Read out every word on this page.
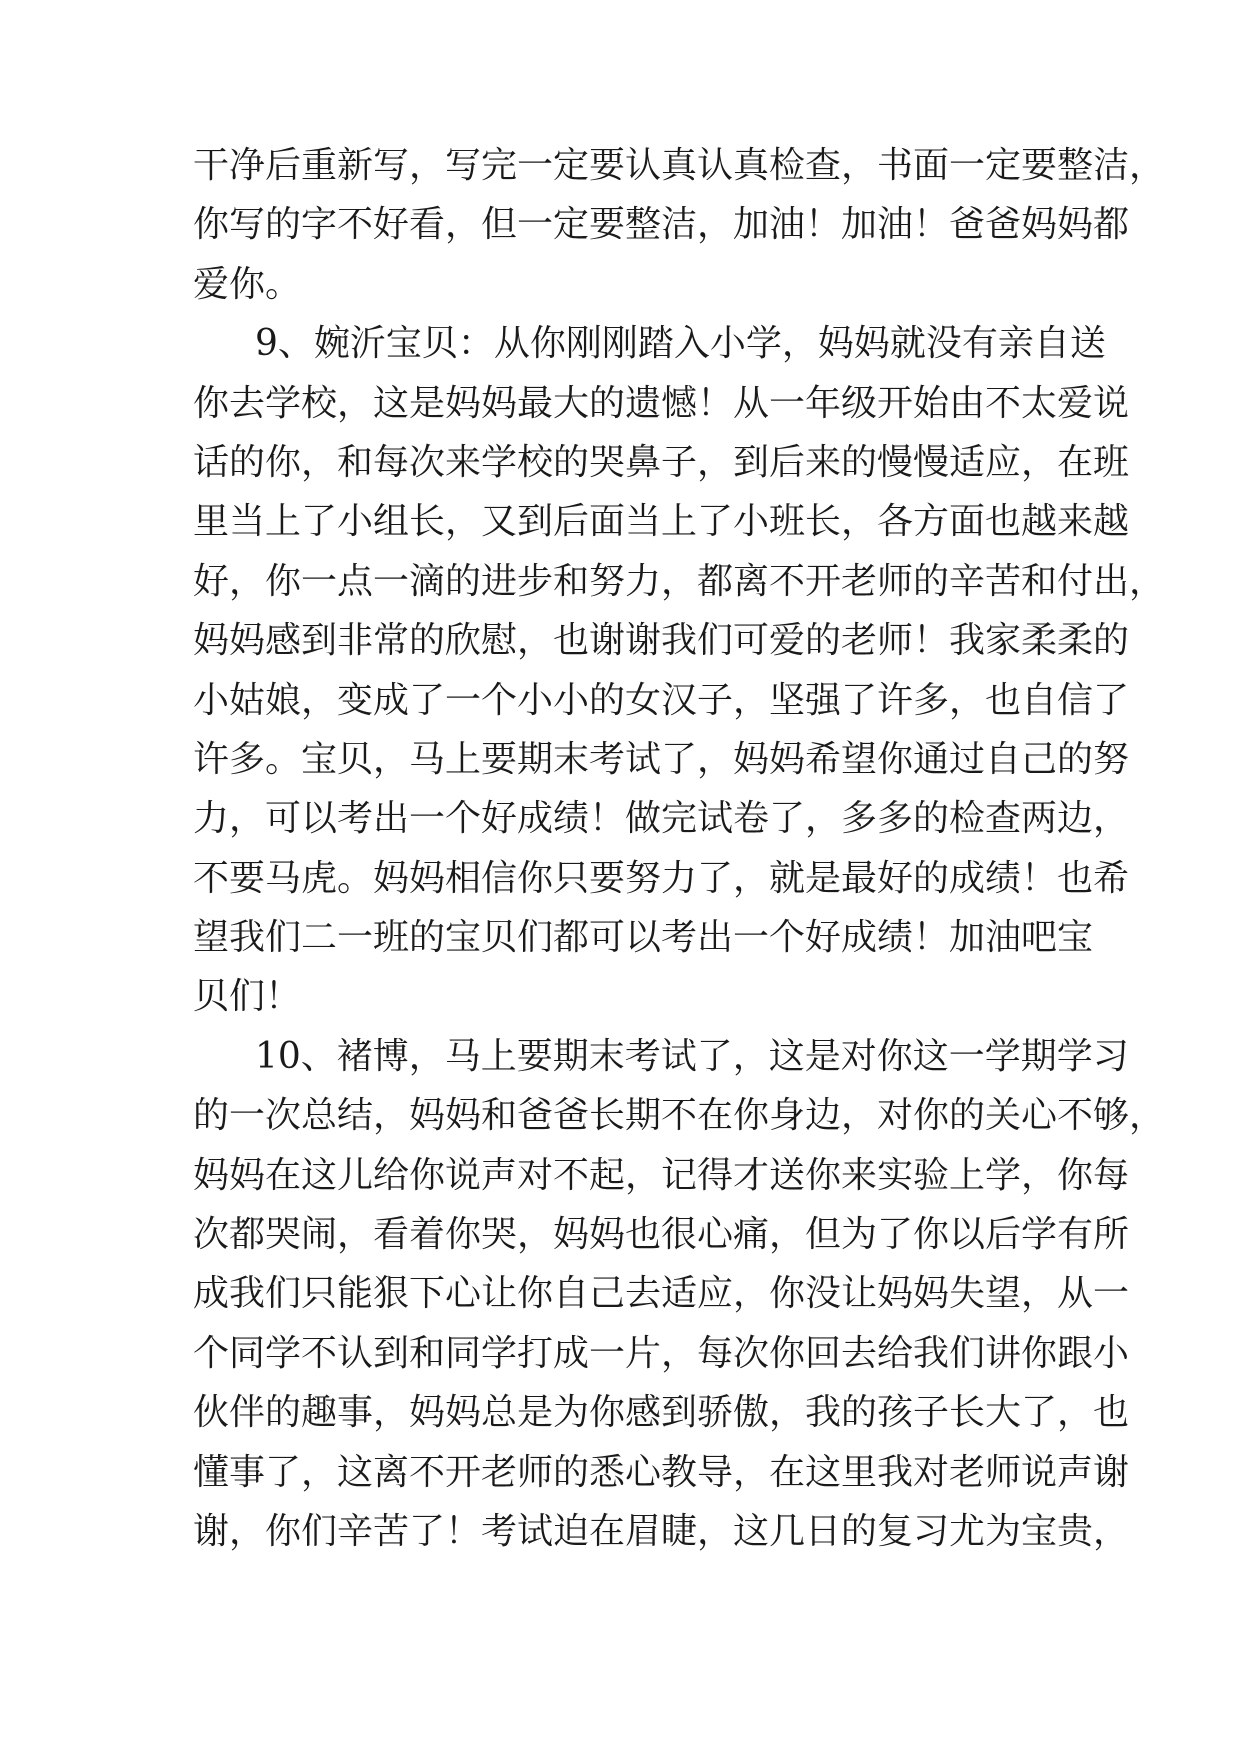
干净后重新写，写完一定要认真认真检查，书面一定要整洁，
你写的字不好看，但一定要整洁，加油！加油！爸爸妈妈都
爱你。
9、婉沂宝贝：从你刚刚踏入小学，妈妈就没有亲自送
你去学校，这是妈妈最大的遗憾！从一年级开始由不太爱说
话的你，和每次来学校的哭鼻子，到后来的慢慢适应，在班
里当上了小组长，又到后面当上了小班长，各方面也越来越
好，你一点一滴的进步和努力，都离不开老师的辛苦和付出，
妈妈感到非常的欣慰，也谢谢我们可爱的老师！我家柔柔的
小姑娘，变成了一个小小的女汉子，坚强了许多，也自信了
许多。宝贝，马上要期末考试了，妈妈希望你通过自己的努
力，可以考出一个好成绩！做完试卷了，多多的检查两边，
不要马虎。妈妈相信你只要努力了，就是最好的成绩！也希
望我们二一班的宝贝们都可以考出一个好成绩！加油吧宝
贝们！
10、褚博，马上要期末考试了，这是对你这一学期学习
的一次总结，妈妈和爸爸长期不在你身边，对你的关心不够，
妈妈在这儿给你说声对不起，记得才送你来实验上学，你每
次都哭闹，看着你哭，妈妈也很心痛，但为了你以后学有所
成我们只能狠下心让你自己去适应，你没让妈妈失望，从一
个同学不认到和同学打成一片，每次你回去给我们讲你跟小
伙伴的趣事，妈妈总是为你感到骄傲，我的孩子长大了，也
懂事了，这离不开老师的悉心教导，在这里我对老师说声谢
谢，你们辛苦了！考试迫在眉睫，这几日的复习尤为宝贵，
